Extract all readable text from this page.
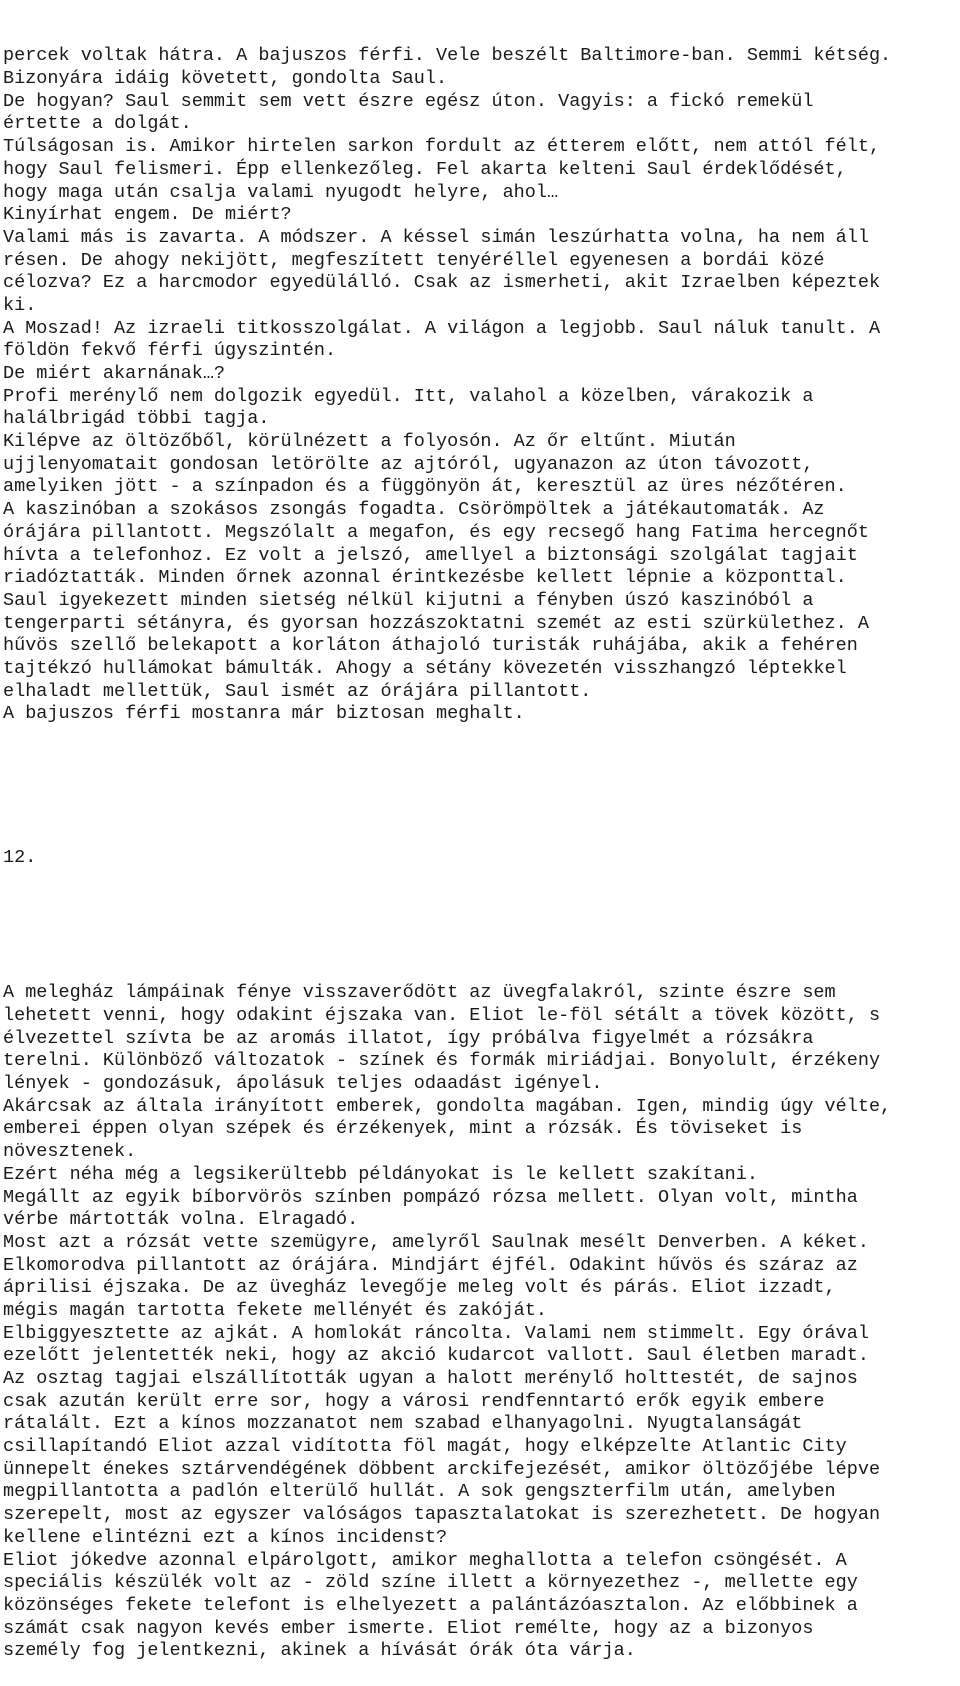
percek voltak hátra. A bajuszos férfi. Vele beszélt Baltimore-ban. Semmi kétség.
Bizonyára idáig követett, gondolta Saul.
De hogyan? Saul semmit sem vett észre egész úton. Vagyis: a fickó remekül
értette a dolgát.
Túlságosan is. Amikor hirtelen sarkon fordult az étterem előtt, nem attól félt,
hogy Saul felismeri. Épp ellenkezőleg. Fel akarta kelteni Saul érdeklődését,
hogy maga után csalja valami nyugodt helyre, ahol…
Kinyírhat engem. De miért?
Valami más is zavarta. A módszer. A késsel simán leszúrhatta volna, ha nem áll
résen. De ahogy nekijött, megfeszített tenyéréllel egyenesen a bordái közé
célozva? Ez a harcmodor egyedülálló. Csak az ismerheti, akit Izraelben képeztek
ki.
A Moszad! Az izraeli titkosszolgálat. A világon a legjobb. Saul náluk tanult. A
földön fekvő férfi úgyszintén.
De miért akarnának…?
Profi merénylő nem dolgozik egyedül. Itt, valahol a közelben, várakozik a
halálbrigád többi tagja.
Kilépve az öltözőből, körülnézett a folyosón. Az őr eltűnt. Miután
ujjlenyomatait gondosan letörölte az ajtóról, ugyanazon az úton távozott,
amelyiken jött - a színpadon és a függönyön át, keresztül az üres nézőtéren.
A kaszinóban a szokásos zsongás fogadta. Csörömpöltek a játékautomaták. Az
órájára pillantott. Megszólalt a megafon, és egy recsegő hang Fatima hercegnőt
hívta a telefonhoz. Ez volt a jelszó, amellyel a biztonsági szolgálat tagjait
riadóztatták. Minden őrnek azonnal érintkezésbe kellett lépnie a központtal.
Saul igyekezett minden sietség nélkül kijutni a fényben úszó kaszinóból a
tengerparti sétányra, és gyorsan hozzászoktatni szemét az esti szürkülethez. A
hűvös szellő belekapott a korláton áthajoló turisták ruhájába, akik a fehéren
tajtékzó hullámokat bámulták. Ahogy a sétány kövezetén visszhangzó léptekkel
elhaladt mellettük, Saul ismét az órájára pillantott.
A bajuszos férfi mostanra már biztosan meghalt.

12.

A melegház lámpáinak fénye visszaverődött az üvegfalakról, szinte észre sem
lehetett venni, hogy odakint éjszaka van. Eliot le-föl sétált a tövek között, s
élvezettel szívta be az aromás illatot, így próbálva figyelmét a rózsákra
terelni. Különböző változatok - színek és formák miriádjai. Bonyolult, érzékeny
lények - gondozásuk, ápolásuk teljes odaadást igényel.
Akárcsak az általa irányított emberek, gondolta magában. Igen, mindig úgy vélte,
emberei éppen olyan szépek és érzékenyek, mint a rózsák. És töviseket is
növesztenek.
Ezért néha még a legsikerültebb példányokat is le kellett szakítani.
Megállt az egyik bíborvörös színben pompázó rózsa mellett. Olyan volt, mintha
vérbe mártották volna. Elragadó.
Most azt a rózsát vette szemügyre, amelyről Saulnak mesélt Denverben. A kéket.
Elkomorodva pillantott az órájára. Mindjárt éjfél. Odakint hűvös és száraz az
áprilisi éjszaka. De az üvegház levegője meleg volt és párás. Eliot izzadt,
mégis magán tartotta fekete mellényét és zakóját.
Elbiggyesztette az ajkát. A homlokát ráncolta. Valami nem stimmelt. Egy órával
ezelőtt jelentették neki, hogy az akció kudarcot vallott. Saul életben maradt.
Az osztag tagjai elszállították ugyan a halott merénylő holttestét, de sajnos
csak azután került erre sor, hogy a városi rendfenntartó erők egyik embere
rátalált. Ezt a kínos mozzanatot nem szabad elhanyagolni. Nyugtalanságát
csillapítandó Eliot azzal vidította föl magát, hogy elképzelte Atlantic City
ünnepelt énekes sztárvendégének döbbent arckifejezését, amikor öltözőjébe lépve
megpillantotta a padlón elterülő hullát. A sok gengszterfilm után, amelyben
szerepelt, most az egyszer valóságos tapasztalatokat is szerezhetett. De hogyan
kellene elintézni ezt a kínos incidenst?
Eliot jókedve azonnal elpárolgott, amikor meghallotta a telefon csöngését. A
speciális készülék volt az - zöld színe illett a környezethez -, mellette egy
közönséges fekete telefont is elhelyezett a palántázóasztalon. Az előbbinek a
számát csak nagyon kevés ember ismerte. Eliot remélte, hogy az a bizonyos
személy fog jelentkezni, akinek a hívását órák óta várja.
